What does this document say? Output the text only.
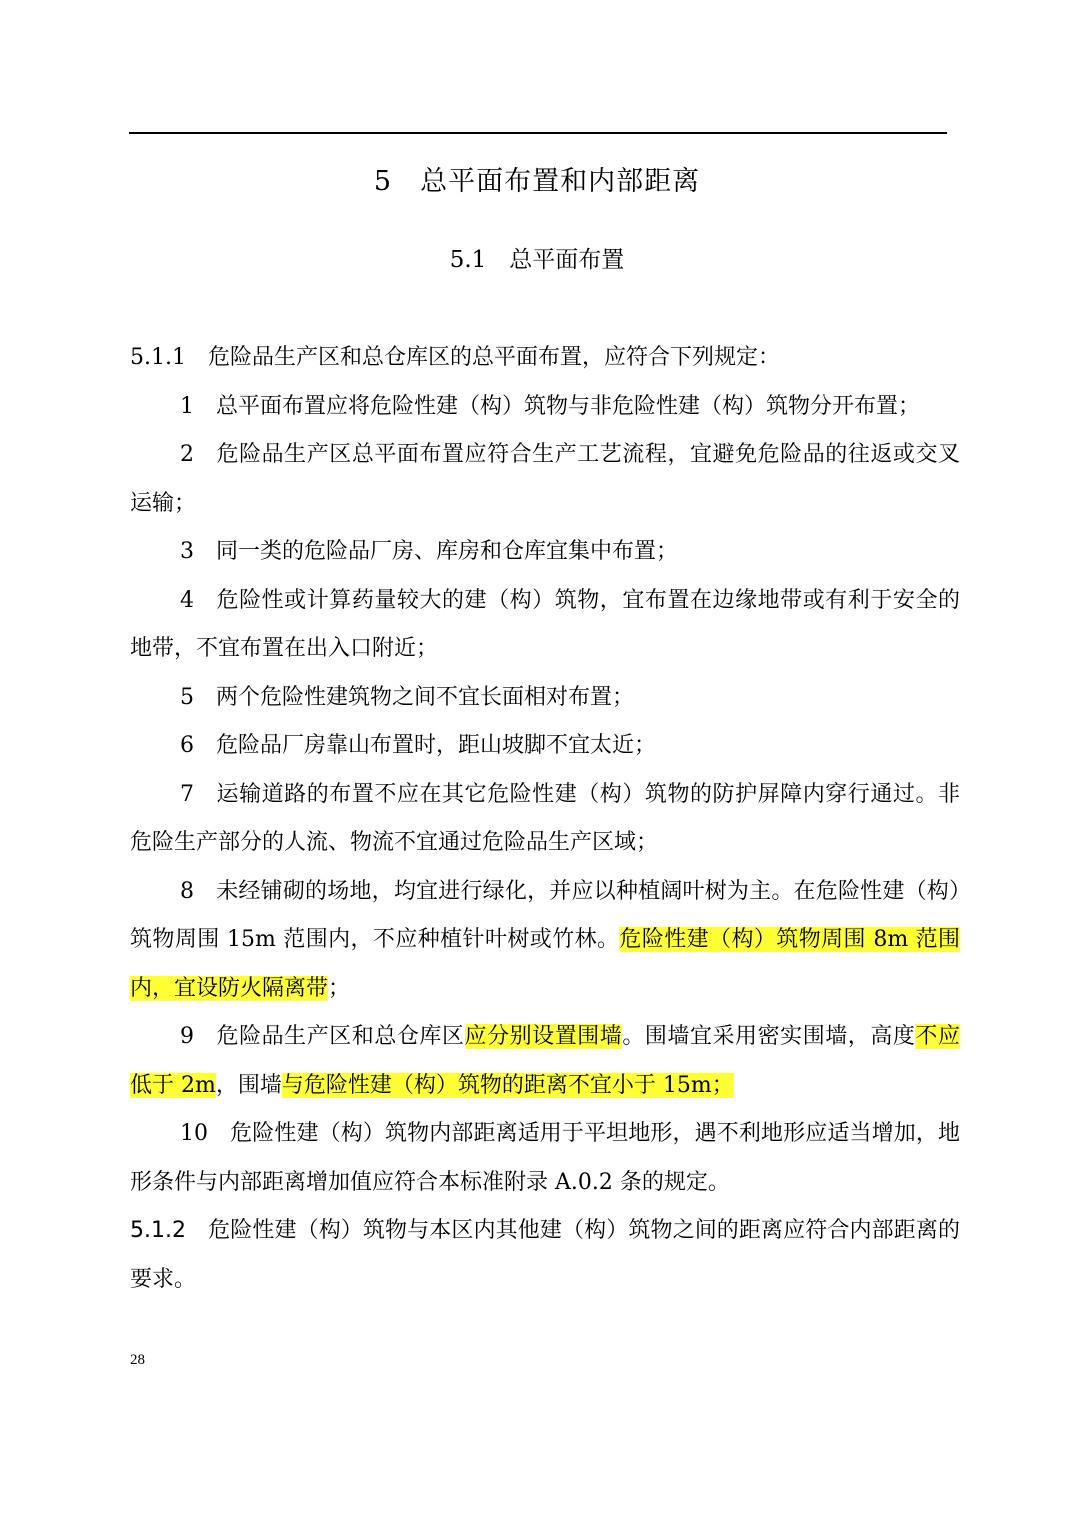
5　 总平面布置和内部距离
5.1　 总平面布置

5.1.1 危险品生产区和总仓库区的总平面布置，应符合下列规定：

1 总平面布置应将危险性建（构）筑物与非危险性建（构）筑物分开布置；

2 危险品生产区总平面布置应符合生产工艺流程，宜避免危险品的往返或交叉运输；

3 同一类的危险品厂房、库房和仓库宜集中布置；

4 危险性或计算药量较大的建（构）筑物，宜布置在边缘地带或有利于安全的地带，不宜布置在出入口附近；

5 两个危险性建筑物之间不宜长面相对布置；

6 危险品厂房靠山布置时，距山坡脚不宜太近；

7 运输道路的布置不应在其它危险性建（构）筑物的防护屏障内穿行通过。非危险生产部分的人流、物流不宜通过危险品生产区域；

8 未经铺砌的场地，均宜进行绿化，并应以种植阔叶树为主。在危险性建（构）筑物周围 15m 范围内，不应种植针叶树或竹林。危险性建（构）筑物周围 8m 范围内，宜设防火隔离带；

9 危险品生产区和总仓库区应分别设置围墙。围墙宜采用密实围墙，高度不应低于 2m，围墙与危险性建（构）筑物的距离不宜小于 15m；

10 危险性建（构）筑物内部距离适用于平坦地形，遇不利地形应适当增加，地形条件与内部距离增加值应符合本标准附录 A.0.2 条的规定。

5.1.2 危险性建（构）筑物与本区内其他建（构）筑物之间的距离应符合内部距离的要求。

28
